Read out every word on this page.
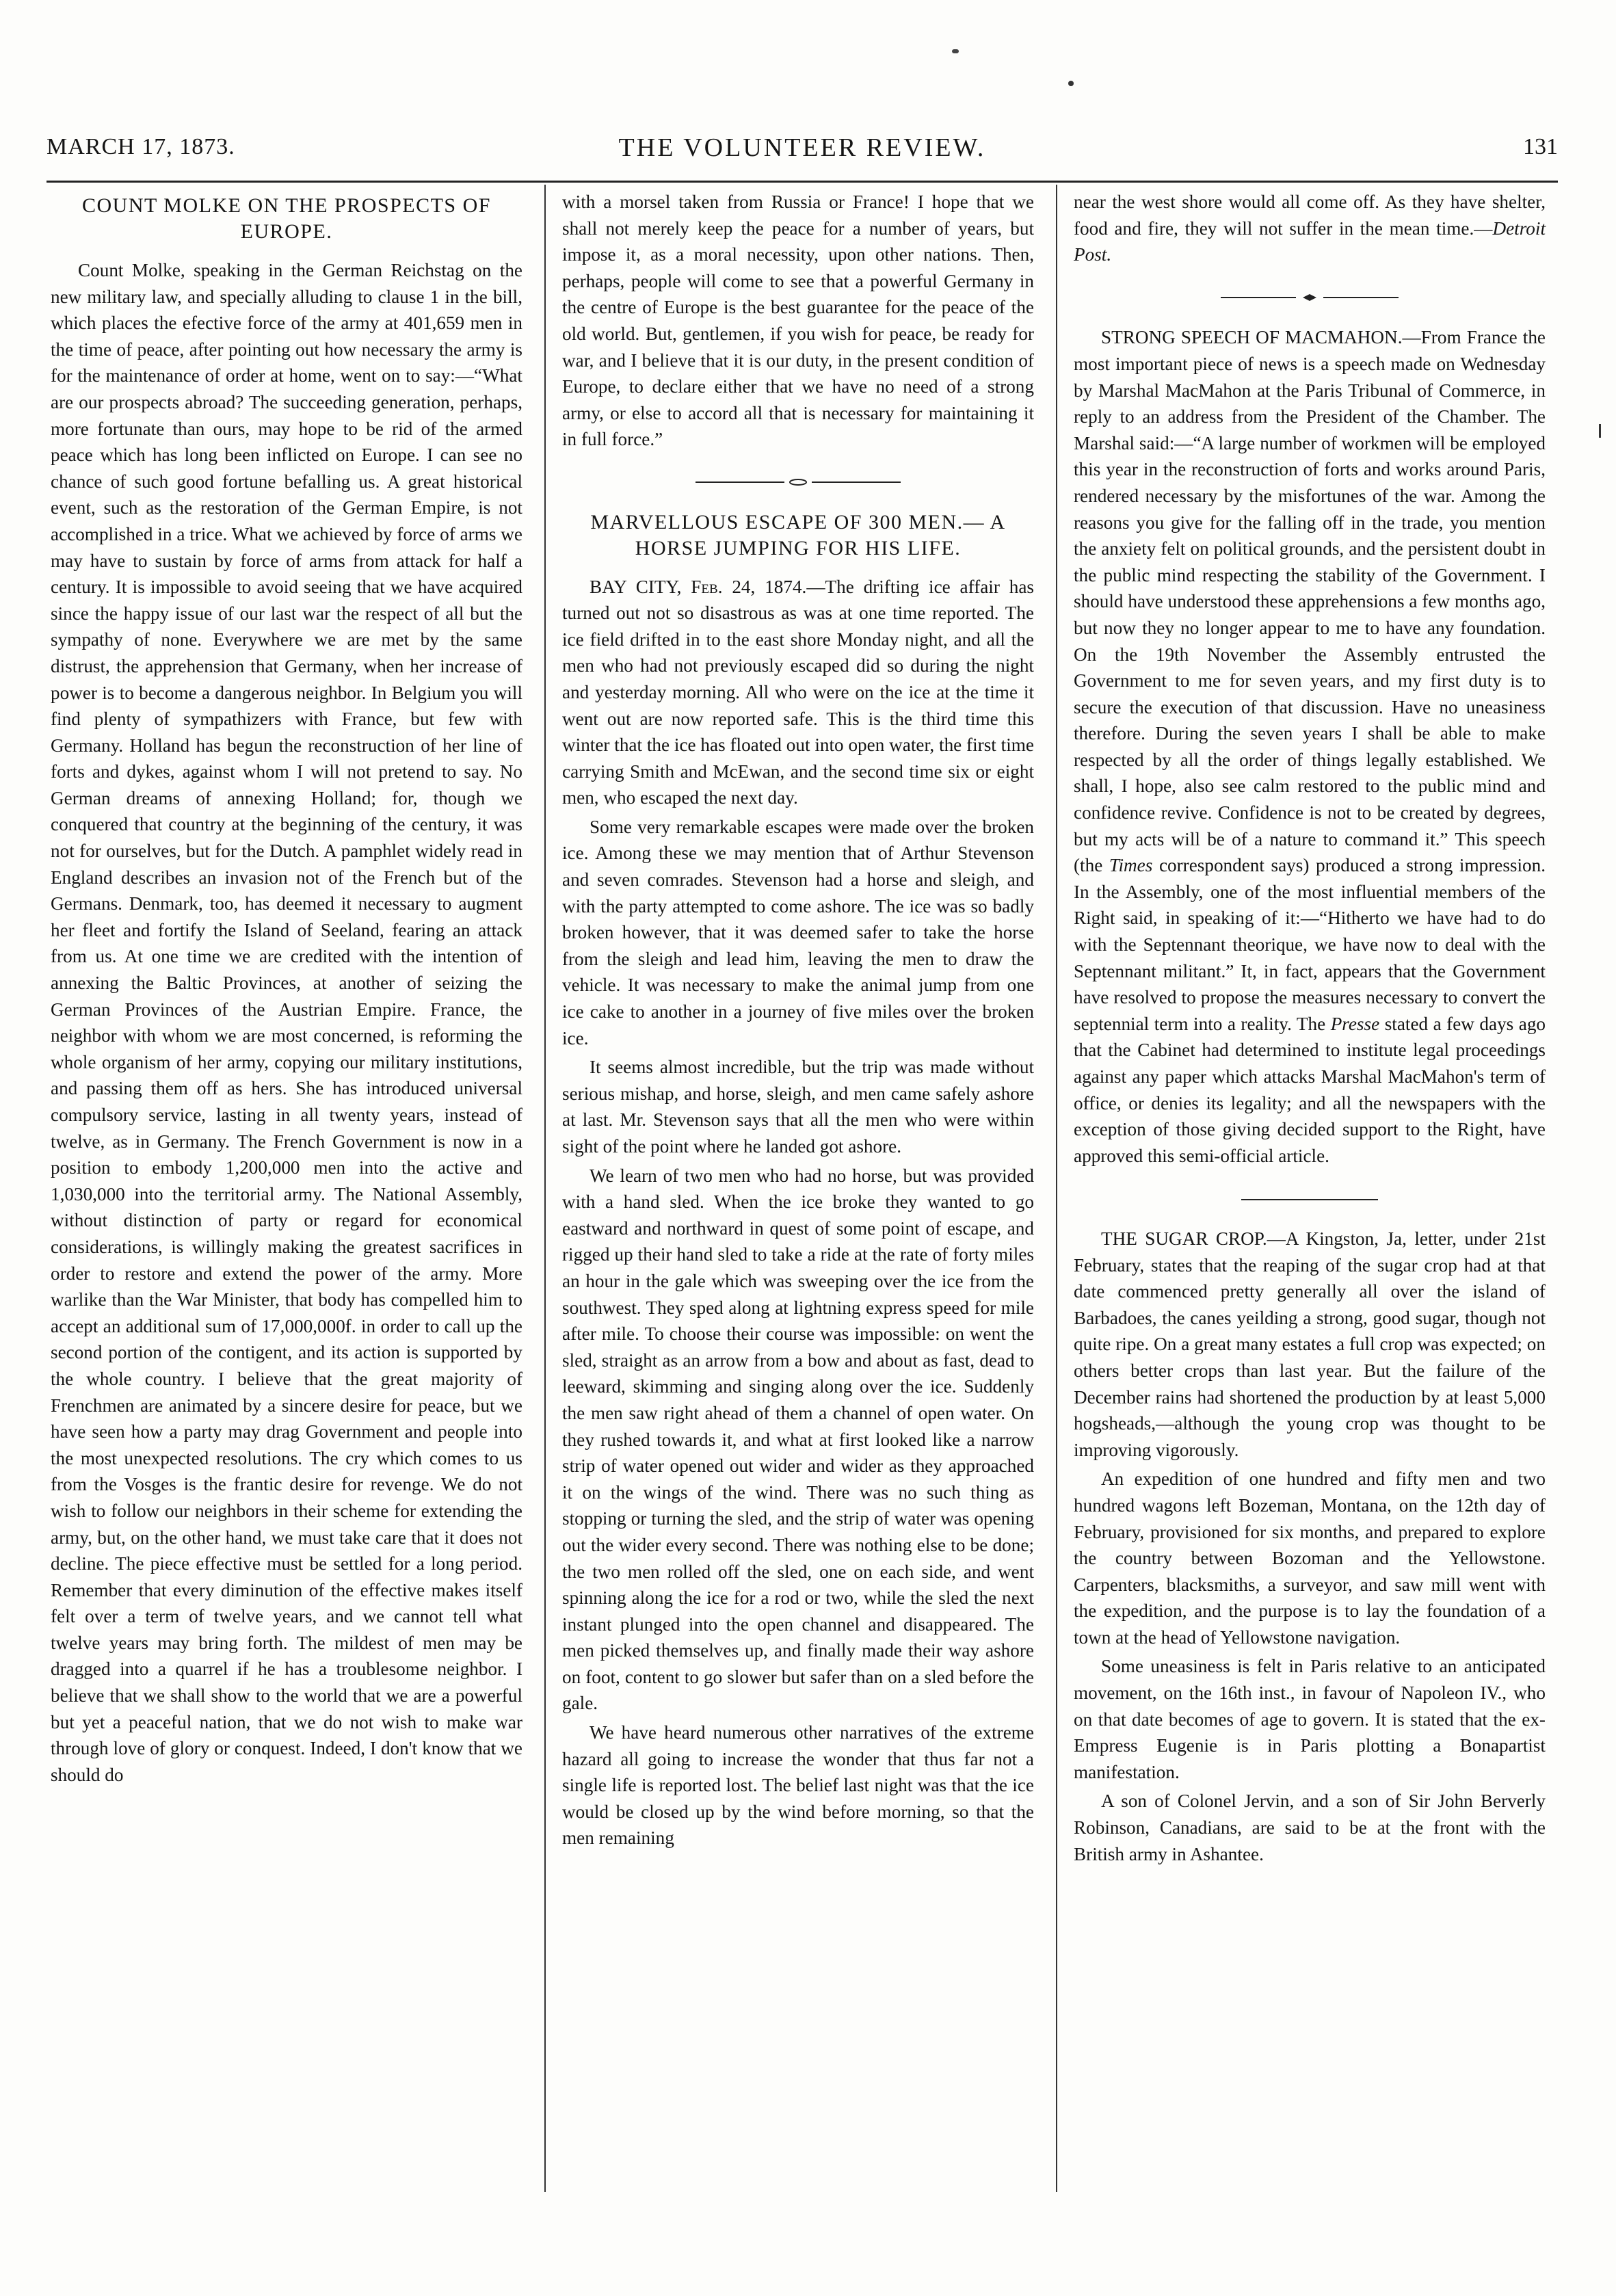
MARCH 17, 1873.	THE VOLUNTEER REVIEW.	131

COUNT MOLKE ON THE PROSPECTS OF EUROPE.

Count Molke, speaking in the German Reichstag on the new military law, and specially alluding to clause 1 in the bill, which places the efective force of the army at 401,659 men in the time of peace, after pointing out how necessary the army is for the maintenance of order at home, went on to say:—“What are our prospects abroad? The succeeding generation, perhaps, more fortunate than ours, may hope to be rid of the armed peace which has long been inflicted on Europe. I can see no chance of such good fortune befalling us. A great historical event, such as the restoration of the German Empire, is not accomplished in a trice. What we achieved by force of arms we may have to sustain by force of arms from attack for half a century. It is impossible to avoid seeing that we have acquired since the happy issue of our last war the respect of all but the sympathy of none. Everywhere we are met by the same distrust, the apprehension that Germany, when her increase of power is to become a dangerous neighbor. In Belgium you will find plenty of sympathizers with France, but few with Germany. Holland has begun the reconstruction of her line of forts and dykes, against whom I will not pretend to say. No German dreams of annexing Holland; for, though we conquered that country at the beginning of the century, it was not for ourselves, but for the Dutch. A pamphlet widely read in England describes an invasion not of the French but of the Germans. Denmark, too, has deemed it necessary to augment her fleet and fortify the Island of Seeland, fearing an attack from us. At one time we are credited with the intention of annexing the Baltic Provinces, at another of seizing the German Provinces of the Austrian Empire. France, the neighbor with whom we are most concerned, is reforming the whole organism of her army, copying our military institutions, and passing them off as hers. She has introduced universal compulsory service, lasting in all twenty years, instead of twelve, as in Germany. The French Government is now in a position to embody 1,200,000 men into the active and 1,030,000 into the territorial army. The National Assembly, without distinction of party or regard for economical considerations, is willingly making the greatest sacrifices in order to restore and extend the power of the army. More warlike than the War Minister, that body has compelled him to accept an additional sum of 17,000,000f. in order to call up the second portion of the contigent, and its action is supported by the whole country. I believe that the great majority of Frenchmen are animated by a sincere desire for peace, but we have seen how a party may drag Government and people into the most unexpected resolutions. The cry which comes to us from the Vosges is the frantic desire for revenge. We do not wish to follow our neighbors in their scheme for extending the army, but, on the other hand, we must take care that it does not decline. The piece effective must be settled for a long period. Remember that every diminution of the effective makes itself felt over a term of twelve years, and we cannot tell what twelve years may bring forth. The mildest of men may be dragged into a quarrel if he has a troublesome neighbor. I believe that we shall show to the world that we are a powerful but yet a peaceful nation, that we do not wish to make war through love of glory or conquest. Indeed, I don't know that we should do

with a morsel taken from Russia or France! I hope that we shall not merely keep the peace for a number of years, but impose it, as a moral necessity, upon other nations. Then, perhaps, people will come to see that a powerful Germany in the centre of Europe is the best guarantee for the peace of the old world. But, gentlemen, if you wish for peace, be ready for war, and I believe that it is our duty, in the present condition of Europe, to declare either that we have no need of a strong army, or else to accord all that is necessary for maintaining it in full force.”

MARVELLOUS ESCAPE OF 300 MEN.— A HORSE JUMPING FOR HIS LIFE.

BAY CITY, Feb. 24, 1874.—The drifting ice affair has turned out not so disastrous as was at one time reported. The ice field drifted in to the east shore Monday night, and all the men who had not previously escaped did so during the night and yesterday morning. All who were on the ice at the time it went out are now reported safe. This is the third time this winter that the ice has floated out into open water, the first time carrying Smith and McEwan, and the second time six or eight men, who escaped the next day.

Some very remarkable escapes were made over the broken ice. Among these we may mention that of Arthur Stevenson and seven comrades. Stevenson had a horse and sleigh, and with the party attempted to come ashore. The ice was so badly broken however, that it was deemed safer to take the horse from the sleigh and lead him, leaving the men to draw the vehicle. It was necessary to make the animal jump from one ice cake to another in a journey of five miles over the broken ice.

It seems almost incredible, but the trip was made without serious mishap, and horse, sleigh, and men came safely ashore at last. Mr. Stevenson says that all the men who were within sight of the point where he landed got ashore.

We learn of two men who had no horse, but was provided with a hand sled. When the ice broke they wanted to go eastward and northward in quest of some point of escape, and rigged up their hand sled to take a ride at the rate of forty miles an hour in the gale which was sweeping over the ice from the southwest. They sped along at lightning express speed for mile after mile. To choose their course was impossible: on went the sled, straight as an arrow from a bow and about as fast, dead to leeward, skimming and singing along over the ice. Suddenly the men saw right ahead of them a channel of open water. On they rushed towards it, and what at first looked like a narrow strip of water opened out wider and wider as they approached it on the wings of the wind. There was no such thing as stopping or turning the sled, and the strip of water was opening out the wider every second. There was nothing else to be done; the two men rolled off the sled, one on each side, and went spinning along the ice for a rod or two, while the sled the next instant plunged into the open channel and disappeared. The men picked themselves up, and finally made their way ashore on foot, content to go slower but safer than on a sled before the gale.

We have heard numerous other narratives of the extreme hazard all going to increase the wonder that thus far not a single life is reported lost. The belief last night was that the ice would be closed up by the wind before morning, so that the men remaining

near the west shore would all come off. As they have shelter, food and fire, they will not suffer in the mean time.—Detroit Post.

STRONG SPEECH OF MACMAHON.—From France the most important piece of news is a speech made on Wednesday by Marshal MacMahon at the Paris Tribunal of Commerce, in reply to an address from the President of the Chamber. The Marshal said:—“A large number of workmen will be employed this year in the reconstruction of forts and works around Paris, rendered necessary by the misfortunes of the war. Among the reasons you give for the falling off in the trade, you mention the anxiety felt on political grounds, and the persistent doubt in the public mind respecting the stability of the Government. I should have understood these apprehensions a few months ago, but now they no longer appear to me to have any foundation. On the 19th November the Assembly entrusted the Government to me for seven years, and my first duty is to secure the execution of that discussion. Have no uneasiness therefore. During the seven years I shall be able to make respected by all the order of things legally established. We shall, I hope, also see calm restored to the public mind and confidence revive. Confidence is not to be created by degrees, but my acts will be of a nature to command it.” This speech (the Times correspondent says) produced a strong impression. In the Assembly, one of the most influential members of the Right said, in speaking of it:—“Hitherto we have had to do with the Septennant theorique, we have now to deal with the Septennant militant.” It, in fact, appears that the Government have resolved to propose the measures necessary to convert the septennial term into a reality. The Presse stated a few days ago that the Cabinet had determined to institute legal proceedings against any paper which attacks Marshal MacMahon's term of office, or denies its legality; and all the newspapers with the exception of those giving decided support to the Right, have approved this semi-official article.

THE SUGAR CROP.—A Kingston, Ja, letter, under 21st February, states that the reaping of the sugar crop had at that date commenced pretty generally all over the island of Barbadoes, the canes yeilding a strong, good sugar, though not quite ripe. On a great many estates a full crop was expected; on others better crops than last year. But the failure of the December rains had shortened the production by at least 5,000 hogsheads,—although the young crop was thought to be improving vigorously.

An expedition of one hundred and fifty men and two hundred wagons left Bozeman, Montana, on the 12th day of February, provisioned for six months, and prepared to explore the country between Bozoman and the Yellowstone. Carpenters, blacksmiths, a surveyor, and saw mill went with the expedition, and the purpose is to lay the foundation of a town at the head of Yellowstone navigation.

Some uneasiness is felt in Paris relative to an anticipated movement, on the 16th inst., in favour of Napoleon IV., who on that date becomes of age to govern. It is stated that the ex-Empress Eugenie is in Paris plotting a Bonapartist manifestation.

A son of Colonel Jervin, and a son of Sir John Berverly Robinson, Canadians, are said to be at the front with the British army in Ashantee.
